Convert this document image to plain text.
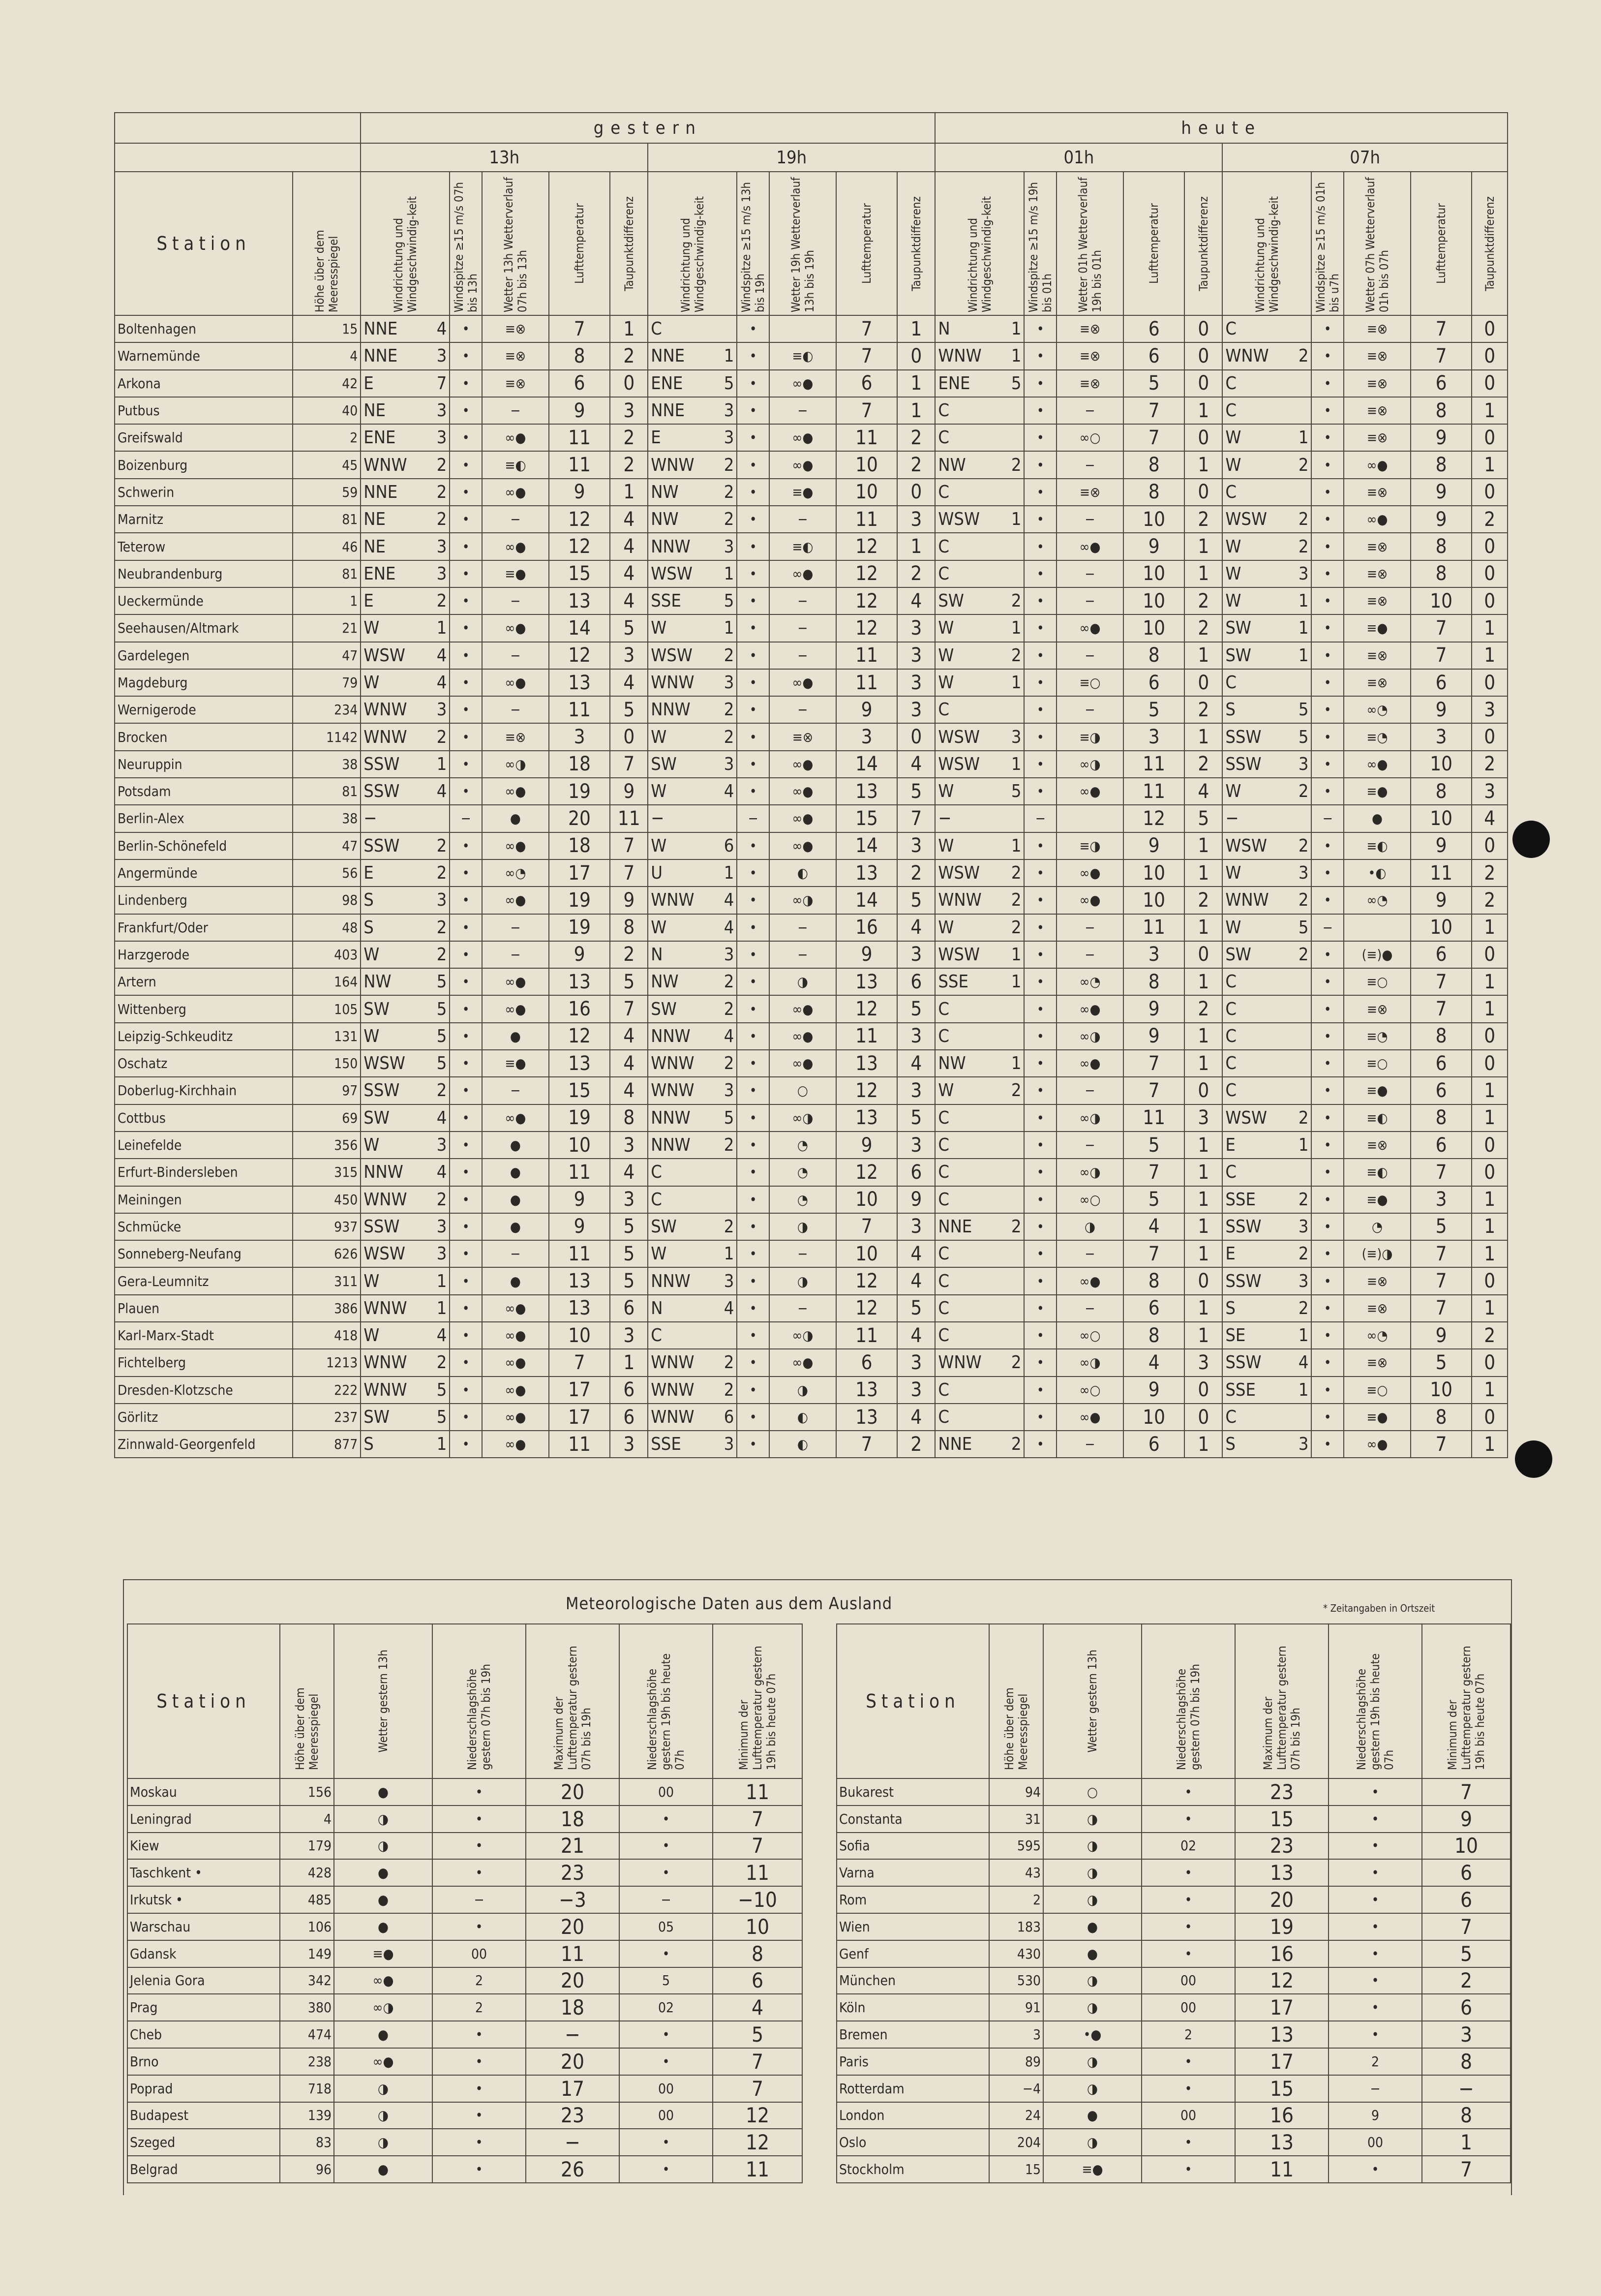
		gestern										heute									
		13h					19h					01h					07h				
Station	Höhe über dem Meeresspiegel	Windrichtung und Windgeschwindig-keit	Windspitze ≥15 m/s 07h bis 13h	Wetter 13h Wetterverlauf 07h bis 13h	Lufttemperatur	Taupunktdifferenz	Windrichtung und Windgeschwindig-keit	Windspitze ≥15 m/s 13h bis 19h	Wetter 19h Wetterverlauf 13h bis 19h	Lufttemperatur	Taupunktdifferenz	Windrichtung und Windgeschwindig-keit	Windspitze ≥15 m/s 19h bis 01h	Wetter 01h Wetterverlauf 19h bis 01h	Lufttemperatur	Taupunktdifferenz	Windrichtung und Windgeschwindig-keit	Windspitze ≥15 m/s 01h bis u7h	Wetter 07h Wetterverlauf 01h bis 07h	Lufttemperatur	Taupunktdifferenz

Boltenhagen	15	NNE 4	•	≡⊗	7	1	C	•		7	1	N 1	•	≡⊗	6	0	C	•	≡⊗	7	0
Warnemünde	4	NNE 3	•	≡⊗	8	2	NNE 1	•	≡◐	7	0	WNW 1	•	≡⊗	6	0	WNW 2	•	≡⊗	7	0
Arkona	42	E 7	•	≡⊗	6	0	ENE 5	•	∞●	6	1	ENE 5	•	≡⊗	5	0	C	•	≡⊗	6	0
Putbus	40	NE 3	•	−	9	3	NNE 3	•	−	7	1	C	•	−	7	1	C	•	≡⊗	8	1
Greifswald	2	ENE 3	•	∞●	11	2	E 3	•	∞●	11	2	C	•	∞○	7	0	W 1	•	≡⊗	9	0
Boizenburg	45	WNW 2	•	≡◐	11	2	WNW 2	•	∞●	10	2	NW 2	•	−	8	1	W 2	•	∞●	8	1
Schwerin	59	NNE 2	•	∞●	9	1	NW 2	•	≡●	10	0	C	•	≡⊗	8	0	C	•	≡⊗	9	0
Marnitz	81	NE 2	•	−	12	4	NW 2	•	−	11	3	WSW 1	•	−	10	2	WSW 2	•	∞●	9	2
Teterow	46	NE 3	•	∞●	12	4	NNW 3	•	≡◐	12	1	C	•	∞●	9	1	W 2	•	≡⊗	8	0
Neubrandenburg	81	ENE 3	•	≡●	15	4	WSW 1	•	∞●	12	2	C	•	−	10	1	W 3	•	≡⊗	8	0
Ueckermünde	1	E 2	•	−	13	4	SSE 5	•	−	12	4	SW 2	•	−	10	2	W 1	•	≡⊗	10	0
Seehausen/Altmark	21	W 1	•	∞●	14	5	W 1	•	−	12	3	W 1	•	∞●	10	2	SW 1	•	≡●	7	1
Gardelegen	47	WSW 4	•	−	12	3	WSW 2	•	−	11	3	W 2	•	−	8	1	SW 1	•	≡⊗	7	1
Magdeburg	79	W 4	•	∞●	13	4	WNW 3	•	∞●	11	3	W 1	•	≡○	6	0	C	•	≡⊗	6	0
Wernigerode	234	WNW 3	•	−	11	5	NNW 2	•	−	9	3	C	•	−	5	2	S 5	•	∞◔	9	3
Brocken	1142	WNW 2	•	≡⊗	3	0	W 2	•	≡⊗	3	0	WSW 3	•	≡◑	3	1	SSW 5	•	≡◔	3	0
Neuruppin	38	SSW 1	•	∞◑	18	7	SW 3	•	∞●	14	4	WSW 1	•	∞◑	11	2	SSW 3	•	∞●	10	2
Potsdam	81	SSW 4	•	∞●	19	9	W 4	•	∞●	13	5	W 5	•	∞●	11	4	W 2	•	≡●	8	3
Berlin-Alex	38	−	−	●	20	11	−	−	∞●	15	7	−	−		12	5	−	−	●	10	4
Berlin-Schönefeld	47	SSW 2	•	∞●	18	7	W 6	•	∞●	14	3	W 1	•	≡◑	9	1	WSW 2	•	≡◐	9	0
Angermünde	56	E 2	•	∞◔	17	7	U 1	•	◐	13	2	WSW 2	•	∞●	10	1	W 3	•	•◐	11	2
Lindenberg	98	S 3	•	∞●	19	9	WNW 4	•	∞◑	14	5	WNW 2	•	∞●	10	2	WNW 2	•	∞◔	9	2
Frankfurt/Oder	48	S 2	•	−	19	8	W 4	•	−	16	4	W 2	•	−	11	1	W 5	−		10	1
Harzgerode	403	W 2	•	−	9	2	N 3	•	−	9	3	WSW 1	•	−	3	0	SW 2	•	(≡)●	6	0
Artern	164	NW 5	•	∞●	13	5	NW 2	•	◑	13	6	SSE 1	•	∞◔	8	1	C	•	≡○	7	1
Wittenberg	105	SW 5	•	∞●	16	7	SW 2	•	∞●	12	5	C	•	∞●	9	2	C	•	≡⊗	7	1
Leipzig-Schkeuditz	131	W 5	•	●	12	4	NNW 4	•	∞●	11	3	C	•	∞◑	9	1	C	•	≡◔	8	0
Oschatz	150	WSW 5	•	≡●	13	4	WNW 2	•	∞●	13	4	NW 1	•	∞●	7	1	C	•	≡○	6	0
Doberlug-Kirchhain	97	SSW 2	•	−	15	4	WNW 3	•	○	12	3	W 2	•	−	7	0	C	•	≡●	6	1
Cottbus	69	SW 4	•	∞●	19	8	NNW 5	•	∞◑	13	5	C	•	∞◑	11	3	WSW 2	•	≡◐	8	1
Leinefelde	356	W 3	•	●	10	3	NNW 2	•	◔	9	3	C	•	−	5	1	E 1	•	≡⊗	6	0
Erfurt-Bindersleben	315	NNW 4	•	●	11	4	C	•	◔	12	6	C	•	∞◑	7	1	C	•	≡◐	7	0
Meiningen	450	WNW 2	•	●	9	3	C	•	◔	10	9	C	•	∞○	5	1	SSE 2	•	≡●	3	1
Schmücke	937	SSW 3	•	●	9	5	SW 2	•	◑	7	3	NNE 2	•	◑	4	1	SSW 3	•	◔	5	1
Sonneberg-Neufang	626	WSW 3	•	−	11	5	W 1	•	−	10	4	C	•	−	7	1	E 2	•	(≡)◑	7	1
Gera-Leumnitz	311	W 1	•	●	13	5	NNW 3	•	◑	12	4	C	•	∞●	8	0	SSW 3	•	≡⊗	7	0
Plauen	386	WNW 1	•	∞●	13	6	N 4	•	−	12	5	C	•	−	6	1	S 2	•	≡⊗	7	1
Karl-Marx-Stadt	418	W 4	•	∞●	10	3	C	•	∞◑	11	4	C	•	∞○	8	1	SE 1	•	∞◔	9	2
Fichtelberg	1213	WNW 2	•	∞●	7	1	WNW 2	•	∞●	6	3	WNW 2	•	∞◑	4	3	SSW 4	•	≡⊗	5	0
Dresden-Klotzsche	222	WNW 5	•	∞●	17	6	WNW 2	•	◑	13	3	C	•	∞○	9	0	SSE 1	•	≡○	10	1
Görlitz	237	SW 5	•	∞●	17	6	WNW 6	•	◐	13	4	C	•	∞●	10	0	C	•	≡●	8	0
Zinnwald-Georgenfeld	877	S 1	•	∞●	11	3	SSE 3	•	◐	7	2	NNE 2	•	−	6	1	S 3	•	∞●	7	1
Meteorologische Daten aus dem Ausland	* Zeitangaben in Ortszeit
Station	Höhe über dem Meeresspiegel	Wetter gestern 13h	Niederschlagshöhe gestern 07h bis 19h	Maximum der Lufttemperatur gestern 07h bis 19h	Niederschlagshöhe gestern 19h bis heute 07h	Minimum der Lufttemperatur gestern 19h bis heute 07h

Moskau	156	●	•	20	00	11
Leningrad	4	◑	•	18	•	7
Kiew	179	◑	•	21	•	7
Taschkent •	428	●	•	23	•	11
Irkutsk •	485	●	−	−3	−	−10
Warschau	106	●	•	20	05	10
Gdansk	149	≡●	00	11	•	8
Jelenia Gora	342	∞●	2	20	5	6
Prag	380	∞◑	2	18	02	4
Cheb	474	●	•	−	•	5
Brno	238	∞●	•	20	•	7
Poprad	718	◑	•	17	00	7
Budapest	139	◑	•	23	00	12
Szeged	83	◑	•	−	•	12
Belgrad	96	●	•	26	•	11
Station	Höhe über dem Meeresspiegel	Wetter gestern 13h	Niederschlagshöhe gestern 07h bis 19h	Maximum der Lufttemperatur gestern 07h bis 19h	Niederschlagshöhe gestern 19h bis heute 07h	Minimum der Lufttemperatur gestern 19h bis heute 07h

Bukarest	94	○	•	23	•	7
Constanta	31	◑	•	15	•	9
Sofia	595	◑	02	23	•	10
Varna	43	◑	•	13	•	6
Rom	2	◑	•	20	•	6
Wien	183	●	•	19	•	7
Genf	430	●	•	16	•	5
München	530	◑	00	12	•	2
Köln	91	◑	00	17	•	6
Bremen	3	•●	2	13	•	3
Paris	89	◑	•	17	2	8
Rotterdam	−4	◑	•	15	−	−
London	24	●	00	16	9	8
Oslo	204	◑	•	13	00	1
Stockholm	15	≡●	•	11	•	7
